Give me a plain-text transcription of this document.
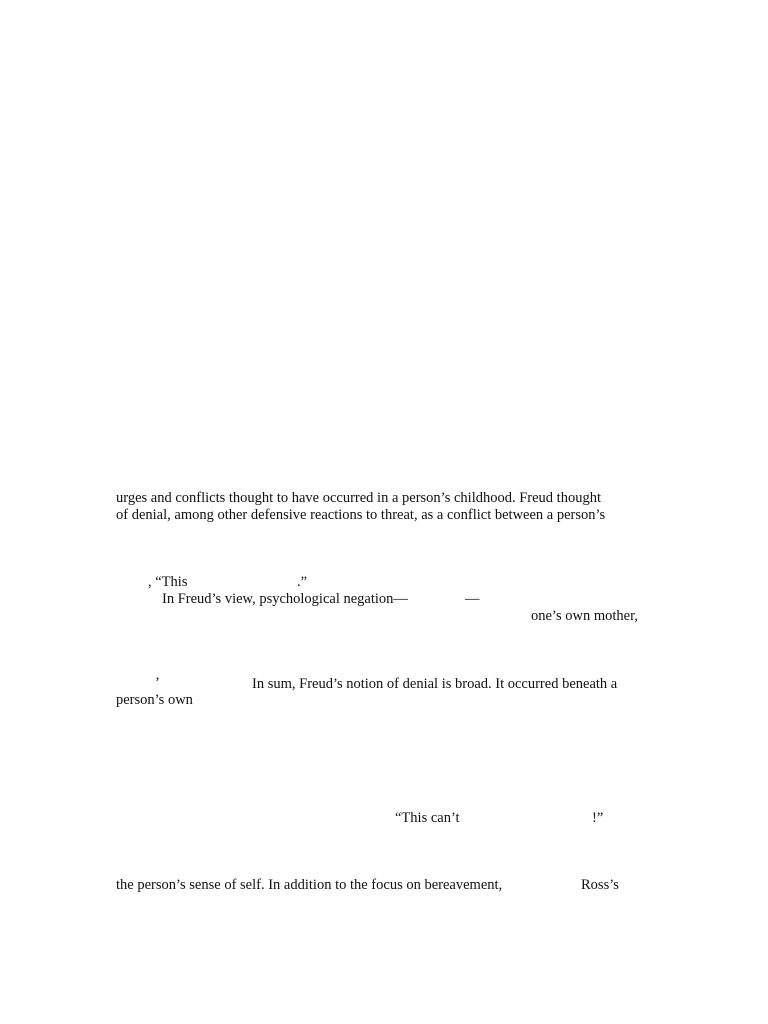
urges and conflicts thought to have occurred in a person’s childhood. Freud thought
of denial, among other defensive reactions to threat, as a conflict between a person’s
, “This	.”
In Freud’s view, psychological negation—	—
one’s own mother,
’	In sum, Freud’s notion of denial is broad. It occurred beneath a
person’s own
“This can’t	!”
the person’s sense of self. In addition to the focus on bereavement,	Ross’s
